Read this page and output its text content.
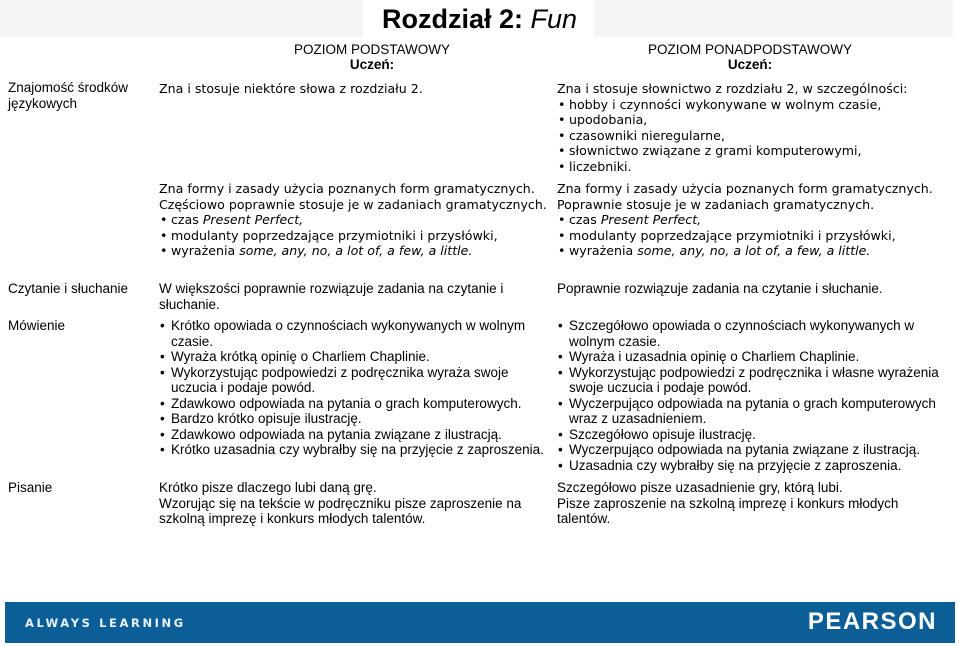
Rozdział 2: Fun
POZIOM PODSTAWOWY
Uczeń:
POZIOM PONADPODSTAWOWY
Uczeń:
Znajomość środków językowych
Zna i stosuje niektóre słowa z rozdziału 2.	Zna i stosuje słownictwo z rozdziału 2, w szczególności:
• hobby i czynności wykonywane w wolnym czasie,
• upodobania,
• czasowniki nieregularne,
• słownictwo związane z grami komputerowymi,
• liczebniki.
Zna formy i zasady użycia poznanych form gramatycznych.
Częściowo poprawnie stosuje je w zadaniach gramatycznych.
• czas Present Perfect,
• modulanty poprzedzające przymiotniki i przysłówki,
• wyrażenia some, any, no, a lot of, a few, a little.
Zna formy i zasady użycia poznanych form gramatycznych.
Poprawnie stosuje je w zadaniach gramatycznych.
• czas Present Perfect,
• modulanty poprzedzające przymiotniki i przysłówki,
• wyrażenia some, any, no, a lot of, a few, a little.
Czytanie i słuchanie	W większości poprawnie rozwiązuje zadania na czytanie i słuchanie.
Poprawnie rozwiązuje zadania na czytanie i słuchanie.
Mówienie
•	Krótko opowiada o czynnościach wykonywanych w wolnym czasie.
• Wyraża krótką opinię o Charliem Chaplinie.
• Wykorzystując podpowiedzi z podręcznika wyraża swoje uczucia i podaje powód.
• Zdawkowo odpowiada na pytania o grach komputerowych.
• Bardzo krótko opisuje ilustrację.
• Zdawkowo odpowiada na pytania związane z ilustracją.
• Krótko uzasadnia czy wybrałby się na przyjęcie z zaproszenia.
• Szczegółowo opowiada o czynnościach wykonywanych w wolnym czasie.
• Wyraża i uzasadnia opinię o Charliem Chaplinie.
• Wykorzystując podpowiedzi z podręcznika i własne wyrażenia swoje uczucia i podaje powód.
• Wyczerpująco odpowiada na pytania o grach komputerowych wraz z uzasadnieniem.
• Szczegółowo opisuje ilustrację.
• Wyczerpująco odpowiada na pytania związane z ilustracją.
• Uzasadnia czy wybrałby się na przyjęcie z zaproszenia.
Pisanie	Krótko pisze dlaczego lubi daną grę.
Wzorując się na tekście w podręczniku pisze zaproszenie na szkolną imprezę i konkurs młodych talentów.
Szczegółowo pisze uzasadnienie gry, którą lubi.
Pisze zaproszenie na szkolną imprezę i konkurs młodych talentów.
ALWAYS LEARNING	PEARSON
